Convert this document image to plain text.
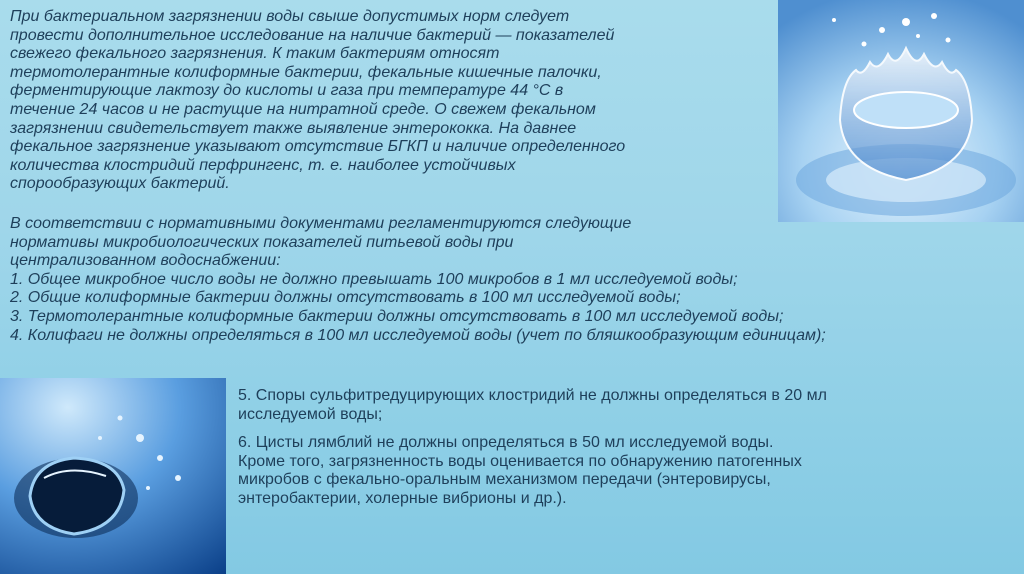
При бактериальном загрязнении воды свыше допустимых норм следует

провести дополнительное исследование на наличие бактерий — показателей

свежего фекального загрязнения. К таким бактериям относят

термотолерантные колиформные бактерии, фекальные кишечные палочки,

ферментирующие лактозу до кислоты и газа при температуре 44 °С в

течение 24 часов и не растущие на нитратной среде. О свежем фекальном

загрязнении свидетельствует также выявление энтерококка. На давнее

фекальное загрязнение указывают отсутствие БГКП и наличие определенного

количества клостридий перфрингенс, т. е. наиболее устойчивых

спорообразующих бактерий.

В соответствии с нормативными документами регламентируются следующие

нормативы микробиологических показателей питьевой воды при

централизованном водоснабжении:

1. Общее микробное число воды не должно превышать 100 микробов в 1 мл исследуемой воды;

2. Общие колиформные бактерии должны отсутствовать в 100 мл исследуемой воды;

3. Термотолерантные колиформные бактерии должны отсутствовать в 100 мл исследуемой воды;

4. Колифаги не должны определяться в 100 мл исследуемой воды (учет по бляшкообразующим единицам);

5. Споры сульфитредуцирующих клостридий не должны определяться в 20 мл

исследуемой воды;

6. Цисты лямблий не должны определяться в 50 мл исследуемой воды.

Кроме того, загрязненность воды оценивается по обнаружению патогенных

микробов с фекально-оральным механизмом передачи (энтеровирусы,

энтеробактерии, холерные вибрионы и др.).
